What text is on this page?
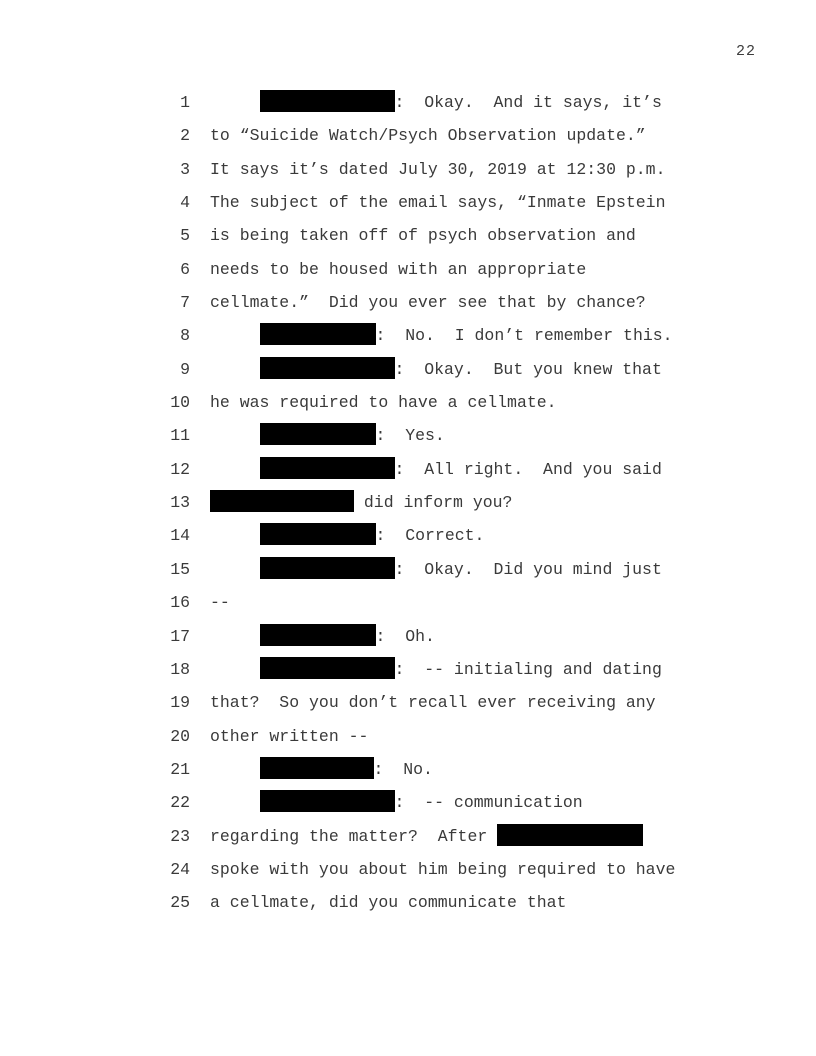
22
1	:  Okay.  And it says, it’s
2 to “Suicide Watch/Psych Observation update.”
3 It says it’s dated July 30, 2019 at 12:30 p.m.
4 The subject of the email says, “Inmate Epstein
5 is being taken off of psych observation and
6 needs to be housed with an appropriate
7 cellmate.”  Did you ever see that by chance?
8	:  No.  I don’t remember this.
9	:  Okay.  But you knew that
10 he was required to have a cellmate.
11	:  Yes.
12	:  All right.  And you said
13	did inform you?
14	:  Correct.
15	:  Okay.  Did you mind just
16 --
17	:  Oh.
18	:  -- initialing and dating
19 that?  So you don’t recall ever receiving any
20 other written --
21	:  No.
22	:  -- communication
23 regarding the matter?  After
24 spoke with you about him being required to have
25 a cellmate, did you communicate that
